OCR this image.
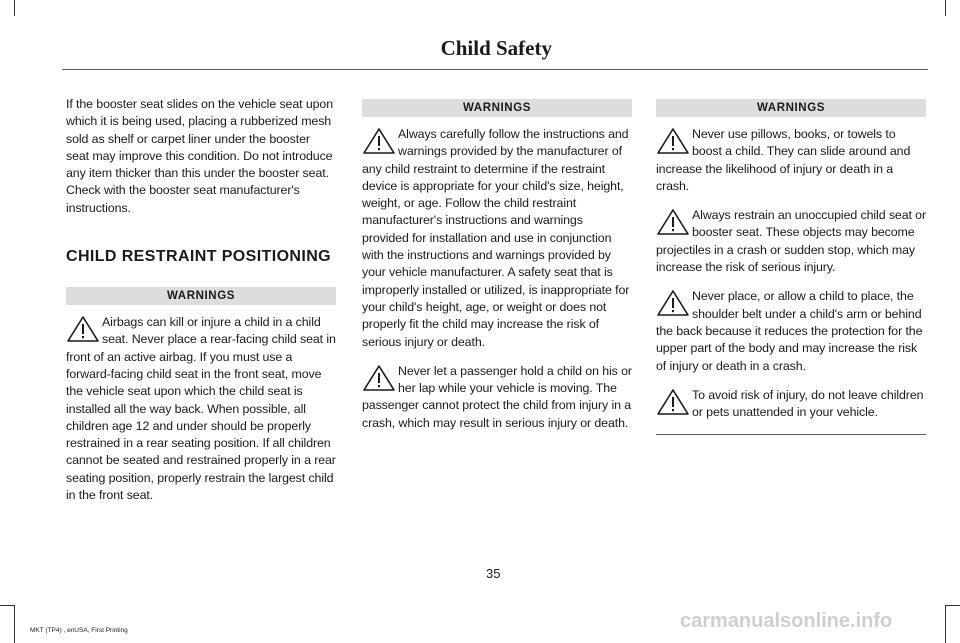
Child Safety

If the booster seat slides on the vehicle seat upon which it is being used, placing a rubberized mesh sold as shelf or carpet liner under the booster seat may improve this condition. Do not introduce any item thicker than this under the booster seat. Check with the booster seat manufacturer's instructions.

CHILD RESTRAINT POSITIONING
WARNINGS
Airbags can kill or injure a child in a child seat. Never place a rear-facing child seat in front of an active airbag. If you must use a forward-facing child seat in the front seat, move the vehicle seat upon which the child seat is installed all the way back. When possible, all children age 12 and under should be properly restrained in a rear seating position. If all children cannot be seated and restrained properly in a rear seating position, properly restrain the largest child in the front seat.
WARNINGS
Always carefully follow the instructions and warnings provided by the manufacturer of any child restraint to determine if the restraint device is appropriate for your child's size, height, weight, or age. Follow the child restraint manufacturer's instructions and warnings provided for installation and use in conjunction with the instructions and warnings provided by your vehicle manufacturer. A safety seat that is improperly installed or utilized, is inappropriate for your child's height, age, or weight or does not properly fit the child may increase the risk of serious injury or death.
Never let a passenger hold a child on his or her lap while your vehicle is moving. The passenger cannot protect the child from injury in a crash, which may result in serious injury or death.
WARNINGS
Never use pillows, books, or towels to boost a child. They can slide around and increase the likelihood of injury or death in a crash.
Always restrain an unoccupied child seat or booster seat. These objects may become projectiles in a crash or sudden stop, which may increase the risk of serious injury.
Never place, or allow a child to place, the shoulder belt under a child's arm or behind the back because it reduces the protection for the upper part of the body and may increase the risk of injury or death in a crash.
To avoid risk of injury, do not leave children or pets unattended in your vehicle.
35
MKT (TP4) , enUSA, First Printing	carmanualsonline.info
